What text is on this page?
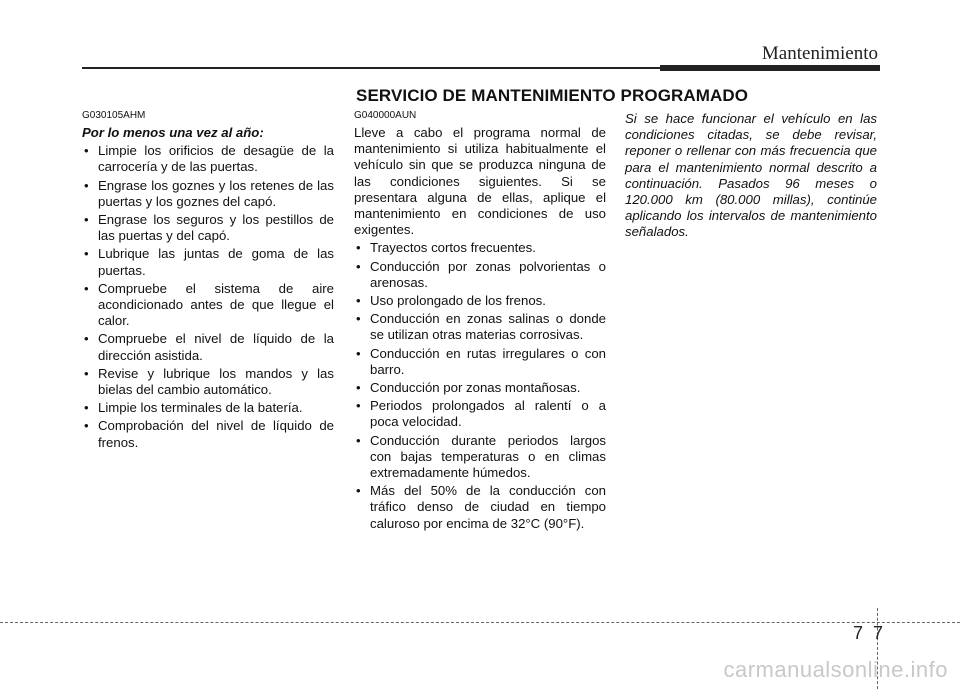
Mantenimiento
SERVICIO DE MANTENIMIENTO PROGRAMADO

G030105AHM

Por lo menos una vez al año:

• Limpie los orificios de desagüe de la carrocería y de las puertas.
• Engrase los goznes y los retenes de las puertas y los goznes del capó.
• Engrase los seguros y los pestillos de las puertas y del capó.
• Lubrique las juntas de goma de las puertas.
• Compruebe el sistema de aire acondicionado antes de que llegue el calor.
• Compruebe el nivel de líquido de la dirección asistida.
• Revise y lubrique los mandos y las bielas del cambio automático.
• Limpie los terminales de la batería.
• Comprobación del nivel de líquido de frenos.

G040000AUN

Lleve a cabo el programa normal de mantenimiento si utiliza habitualmente el vehículo sin que se produzca ninguna de las condiciones siguientes. Si se presentara alguna de ellas, aplique el mantenimiento en condiciones de uso exigentes.

• Trayectos cortos frecuentes.
• Conducción por zonas polvorientas o arenosas.
• Uso prolongado de los frenos.
• Conducción en zonas salinas o donde se utilizan otras materias corrosivas.
• Conducción en rutas irregulares o con barro.
• Conducción por zonas montañosas.
• Periodos prolongados al ralentí o a poca velocidad.
• Conducción durante periodos largos con bajas temperaturas o en climas extremadamente húmedos.
• Más del 50% de la conducción con tráfico denso de ciudad en tiempo caluroso por encima de 32°C (90°F).

Si se hace funcionar el vehículo en las condiciones citadas, se debe revisar, reponer o rellenar con más frecuencia que para el mantenimiento normal descrito a continuación. Pasados 96 meses o 120.000 km (80.000 millas), continúe aplicando los intervalos de mantenimiento señalados.

7 7
carmanualsonline.info
